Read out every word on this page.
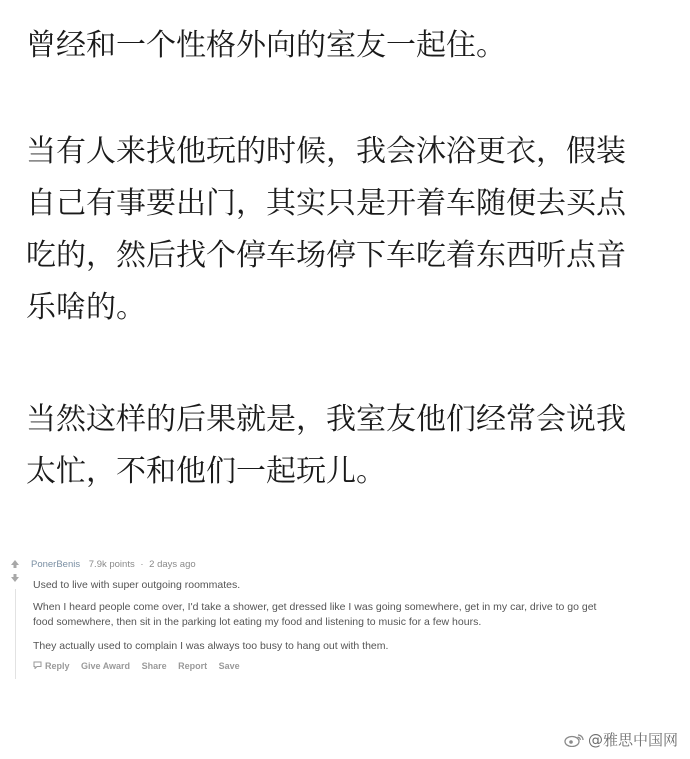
曾经和一个性格外向的室友一起住。

当有人来找他玩的时候，我会沐浴更衣，假装
自己有事要出门，其实只是开着车随便去买点
吃的，然后找个停车场停下车吃着东西听点音
乐啥的。

当然这样的后果就是，我室友他们经常会说我
太忙，不和他们一起玩儿。

PonerBenis 7.9k points · 2 days ago

Used to live with super outgoing roommates.

When I heard people come over, I'd take a shower, get dressed like I was going somewhere, get in my car, drive to go get

food somewhere, then sit in the parking lot eating my food and listening to music for a few hours.

They actually used to complain I was always too busy to hang out with them.

Reply Give Award Share Report Save
@雅思中国网
